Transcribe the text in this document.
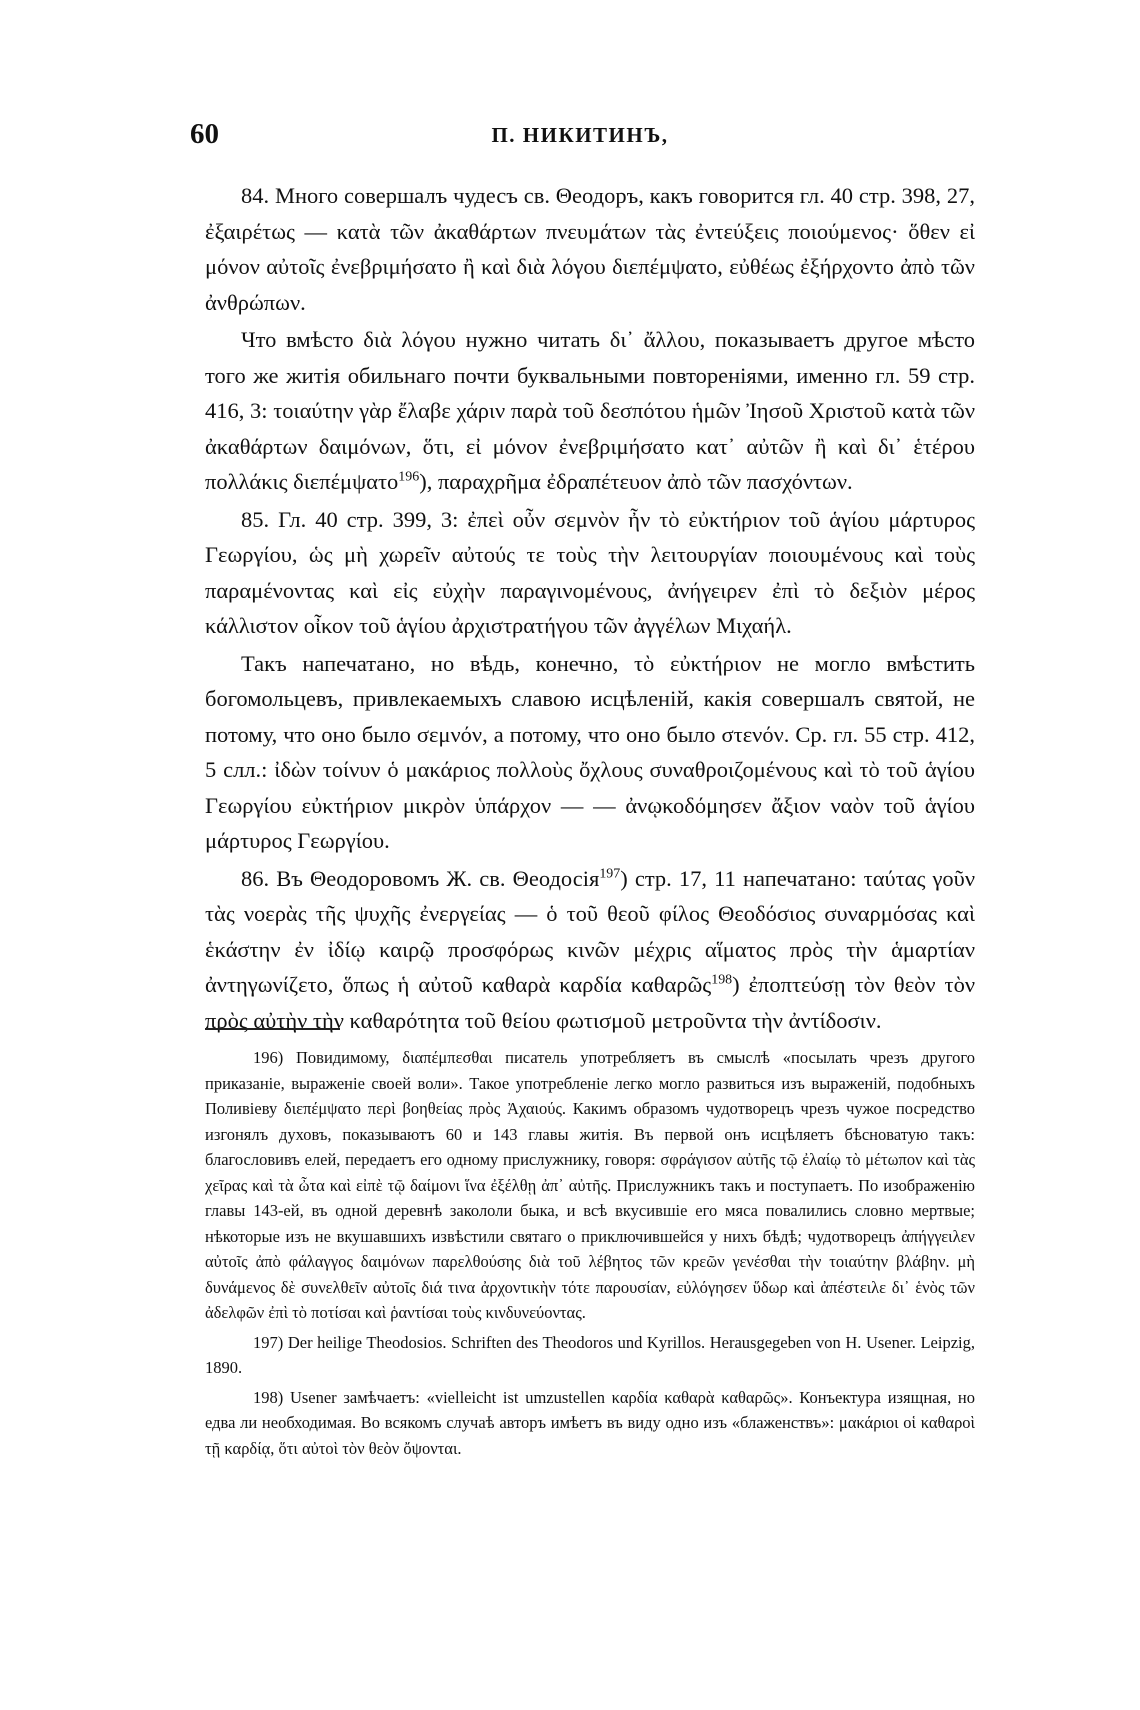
60	П. НИКИТИНЪ,

84. Много совершалъ чудесъ св. Θеодоръ, какъ говорится гл. 40 стр. 398, 27, ἐξαιρέτως — κατὰ τῶν ἀκαθάρτων πνευμάτων τὰς ἐντεύξεις ποιούμενος· ὅθεν εἰ μόνον αὐτοῖς ἐνεβριμήσατο ἢ καὶ διὰ λόγου διεπέμψατο, εὐθέως ἐξήρχοντο ἀπὸ τῶν ἀνθρώπων.

Что вмѣсто διὰ λόγου нужно читать δι᾽ ἄλλου, показываетъ другое мѣсто того же житія обильнаго почти буквальными повтореніями, именно гл. 59 стр. 416, 3: τοιαύτην γὰρ ἔλαβε χάριν παρὰ τοῦ δεσπότου ἡμῶν Ἰησοῦ Χριστοῦ κατὰ τῶν ἀκαθάρτων δαιμόνων, ὅτι, εἰ μόνον ἐνεβριμήσατο κατ᾽ αὐτῶν ἢ καὶ δι᾽ ἑτέρου πολλάκις διεπέμψατο$^{196}$), παραχρῆμα ἐδραπέτευον ἀπὸ τῶν πασχόντων.

85. Гл. 40 стр. 399, 3: ἐπεὶ οὖν σεμνὸν ἦν τὸ εὐκτήριον τοῦ ἁγίου μάρτυρος Γεωργίου, ὡς μὴ χωρεῖν αὐτούς τε τοὺς τὴν λειτουργίαν ποιουμένους καὶ τοὺς παραμένοντας καὶ εἰς εὐχὴν παραγινομένους, ἀνήγειρεν ἐπὶ τὸ δεξιὸν μέρος κάλλιστον οἶκον τοῦ ἁγίου ἀρχιστρατήγου τῶν ἀγγέλων Μιχαήλ.

Такъ напечатано, но вѣдь, конечно, τὸ εὐκτήριον не могло вмѣстить богомольцевъ, привлекаемыхъ славою исцѣленій, какія совершалъ святой, не потому, что оно было σεμνόν, а потому, что оно было στενόν. Ср. гл. 55 стр. 412, 5 слл.: ἰδὼν τοίνυν ὁ μακάριος πολλοὺς ὄχλους συναθροιζομένους καὶ τὸ τοῦ ἁγίου Γεωργίου εὐκτήριον μικρὸν ὑπάρχον — — ἀνῳκοδόμησεν ἄξιον ναὸν τοῦ ἁγίου μάρτυρος Γεωργίου.

86. Въ Θеодоровомъ Ж. св. Θеодосія$^{197}$) стр. 17, 11 напечатано: ταύτας γοῦν τὰς νοερὰς τῆς ψυχῆς ἐνεργείας — ὁ τοῦ θεοῦ φίλος Θεοδόσιος συναρμόσας καὶ ἑκάστην ἐν ἰδίῳ καιρῷ προσφόρως κινῶν μέχρις αἵματος πρὸς τὴν ἁμαρτίαν ἀντηγωνίζετο, ὅπως ἡ αὐτοῦ καθαρὰ καρδία καθαρῶς$^{198}$) ἐποπτεύσῃ τὸν θεὸν τὸν πρὸς αὐτὴν τὴν καθαρότητα τοῦ θείου φωτισμοῦ μετροῦντα τὴν ἀντίδοσιν.

196) Повидимому, διαπέμπεσθαι писатель употребляетъ въ смыслѣ «посылать чрезъ другого приказаніе, выраженіе своей воли». Такое употребленіе легко могло развиться изъ выраженій, подобныхъ Поливіеву διεπέμψατο περὶ βοηθείας πρὸς Ἀχαιούς. Какимъ образомъ чудотворецъ чрезъ чужое посредство изгонялъ духовъ, показываютъ 60 и 143 главы житія. Въ первой онъ исцѣляетъ бѣсноватую такъ: благословивъ елей, передаетъ его одному прислужнику, говоря: σφράγισον αὐτῆς τῷ ἐλαίῳ τὸ μέτωπον καὶ τὰς χεῖρας καὶ τὰ ὦτα καὶ εἰπὲ τῷ δαίμονι ἵνα ἐξέλθῃ ἀπ᾽ αὐτῆς. Прислужникъ такъ и поступаетъ. По изображенію главы 143-ей, въ одной деревнѣ закололи быка, и всѣ вкусившіе его мяса повалились словно мертвые; нѣкоторые изъ не вкушавшихъ извѣстили святаго о приключившейся у нихъ бѣдѣ; чудотворецъ ἀπήγγειλεν αὐτοῖς ἀπὸ φάλαγγος δαιμόνων παρελθούσης διὰ τοῦ λέβητος τῶν κρεῶν γενέσθαι τὴν τοιαύτην βλάβην. μὴ δυνάμενος δὲ συνελθεῖν αὐτοῖς διά τινα ἀρχοντικὴν τότε παρουσίαν, εὐλόγησεν ὕδωρ καὶ ἀπέστειλε δι᾽ ἑνὸς τῶν ἀδελφῶν ἐπὶ τὸ ποτίσαι καὶ ῥαντίσαι τοὺς κινδυνεύοντας.

197) Der heilige Theodosios. Schriften des Theodoros und Kyrillos. Herausgegeben von H. Usener. Leipzig, 1890.

198) Usener замѣчаетъ: «vielleicht ist umzustellen καρδία καθαρὰ καθαρῶς». Конъектура изящная, но едва ли необходимая. Во всякомъ случаѣ авторъ имѣетъ въ виду одно изъ «блаженствъ»: μακάριοι οἱ καθαροὶ τῇ καρδίᾳ, ὅτι αὐτοὶ τὸν θεὸν ὄψονται.
